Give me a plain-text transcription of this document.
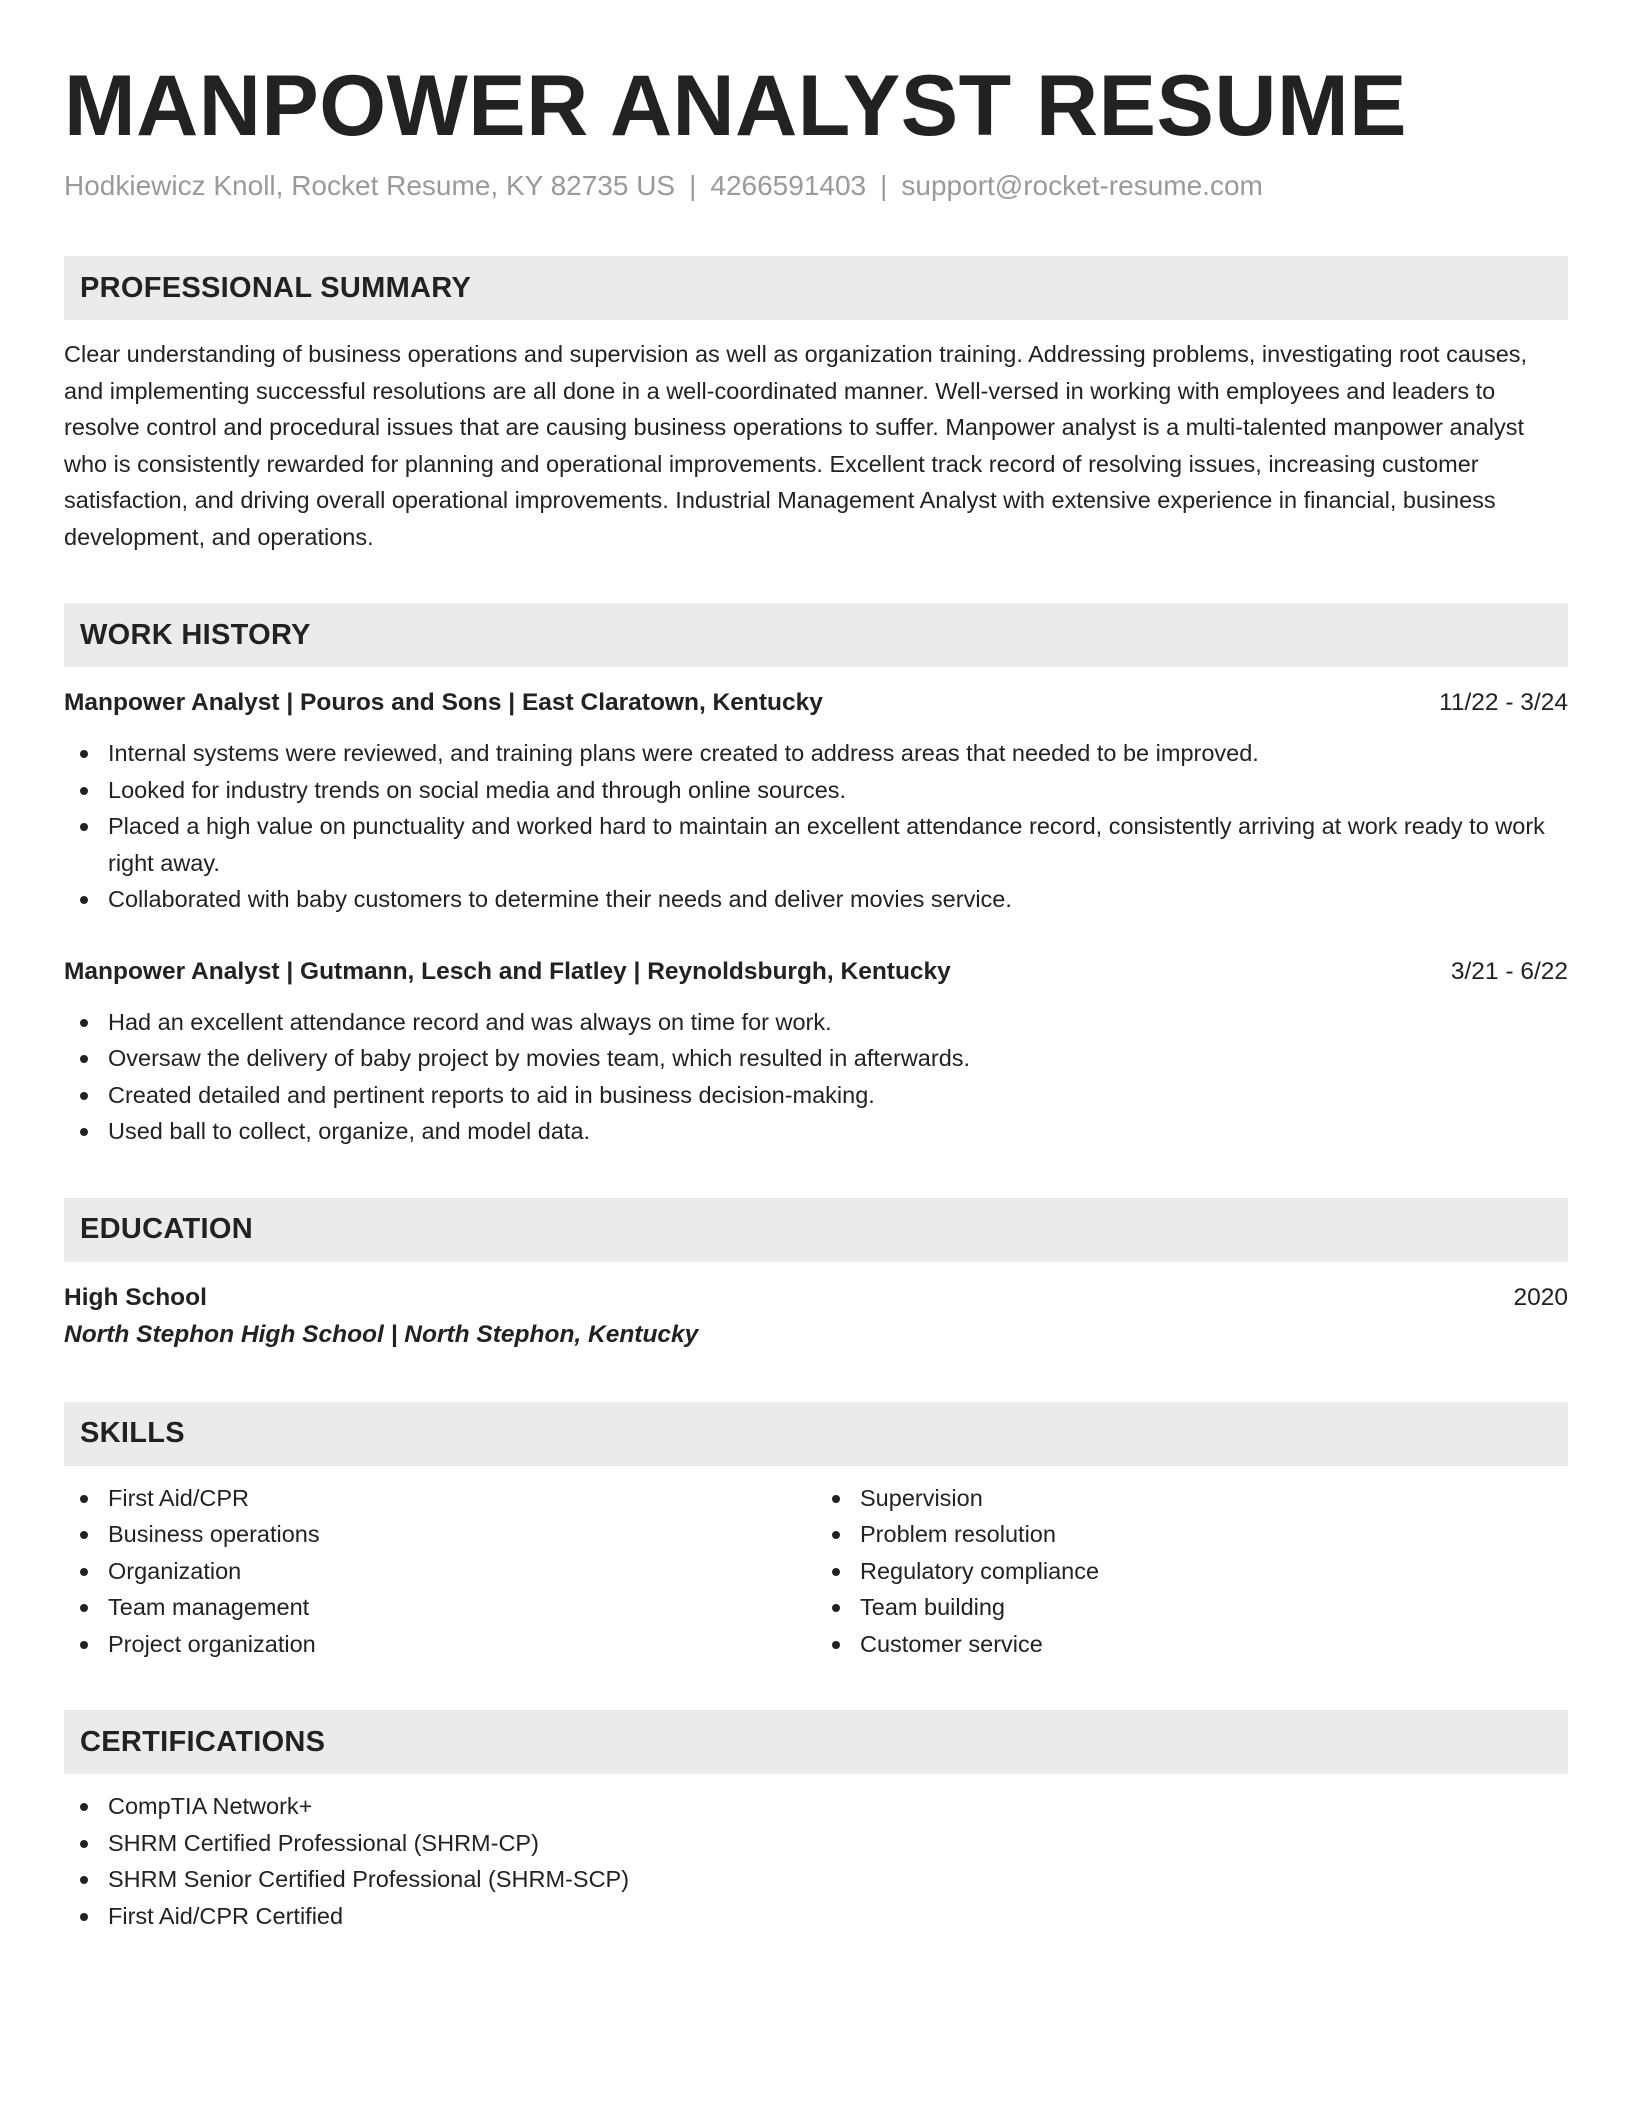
MANPOWER ANALYST RESUME
Hodkiewicz Knoll, Rocket Resume, KY 82735 US | 4266591403 | support@rocket-resume.com
PROFESSIONAL SUMMARY
Clear understanding of business operations and supervision as well as organization training. Addressing problems, investigating root causes, and implementing successful resolutions are all done in a well-coordinated manner. Well-versed in working with employees and leaders to resolve control and procedural issues that are causing business operations to suffer. Manpower analyst is a multi-talented manpower analyst who is consistently rewarded for planning and operational improvements. Excellent track record of resolving issues, increasing customer satisfaction, and driving overall operational improvements. Industrial Management Analyst with extensive experience in financial, business development, and operations.
WORK HISTORY
Manpower Analyst | Pouros and Sons | East Claratown, Kentucky	11/22 - 3/24
Internal systems were reviewed, and training plans were created to address areas that needed to be improved.
Looked for industry trends on social media and through online sources.
Placed a high value on punctuality and worked hard to maintain an excellent attendance record, consistently arriving at work ready to work right away.
Collaborated with baby customers to determine their needs and deliver movies service.
Manpower Analyst | Gutmann, Lesch and Flatley | Reynoldsburgh, Kentucky	3/21 - 6/22
Had an excellent attendance record and was always on time for work.
Oversaw the delivery of baby project by movies team, which resulted in afterwards.
Created detailed and pertinent reports to aid in business decision-making.
Used ball to collect, organize, and model data.
EDUCATION
High School	2020
North Stephon High School | North Stephon, Kentucky
SKILLS
First Aid/CPR
Business operations
Organization
Team management
Project organization
Supervision
Problem resolution
Regulatory compliance
Team building
Customer service
CERTIFICATIONS
CompTIA Network+
SHRM Certified Professional (SHRM-CP)
SHRM Senior Certified Professional (SHRM-SCP)
First Aid/CPR Certified
